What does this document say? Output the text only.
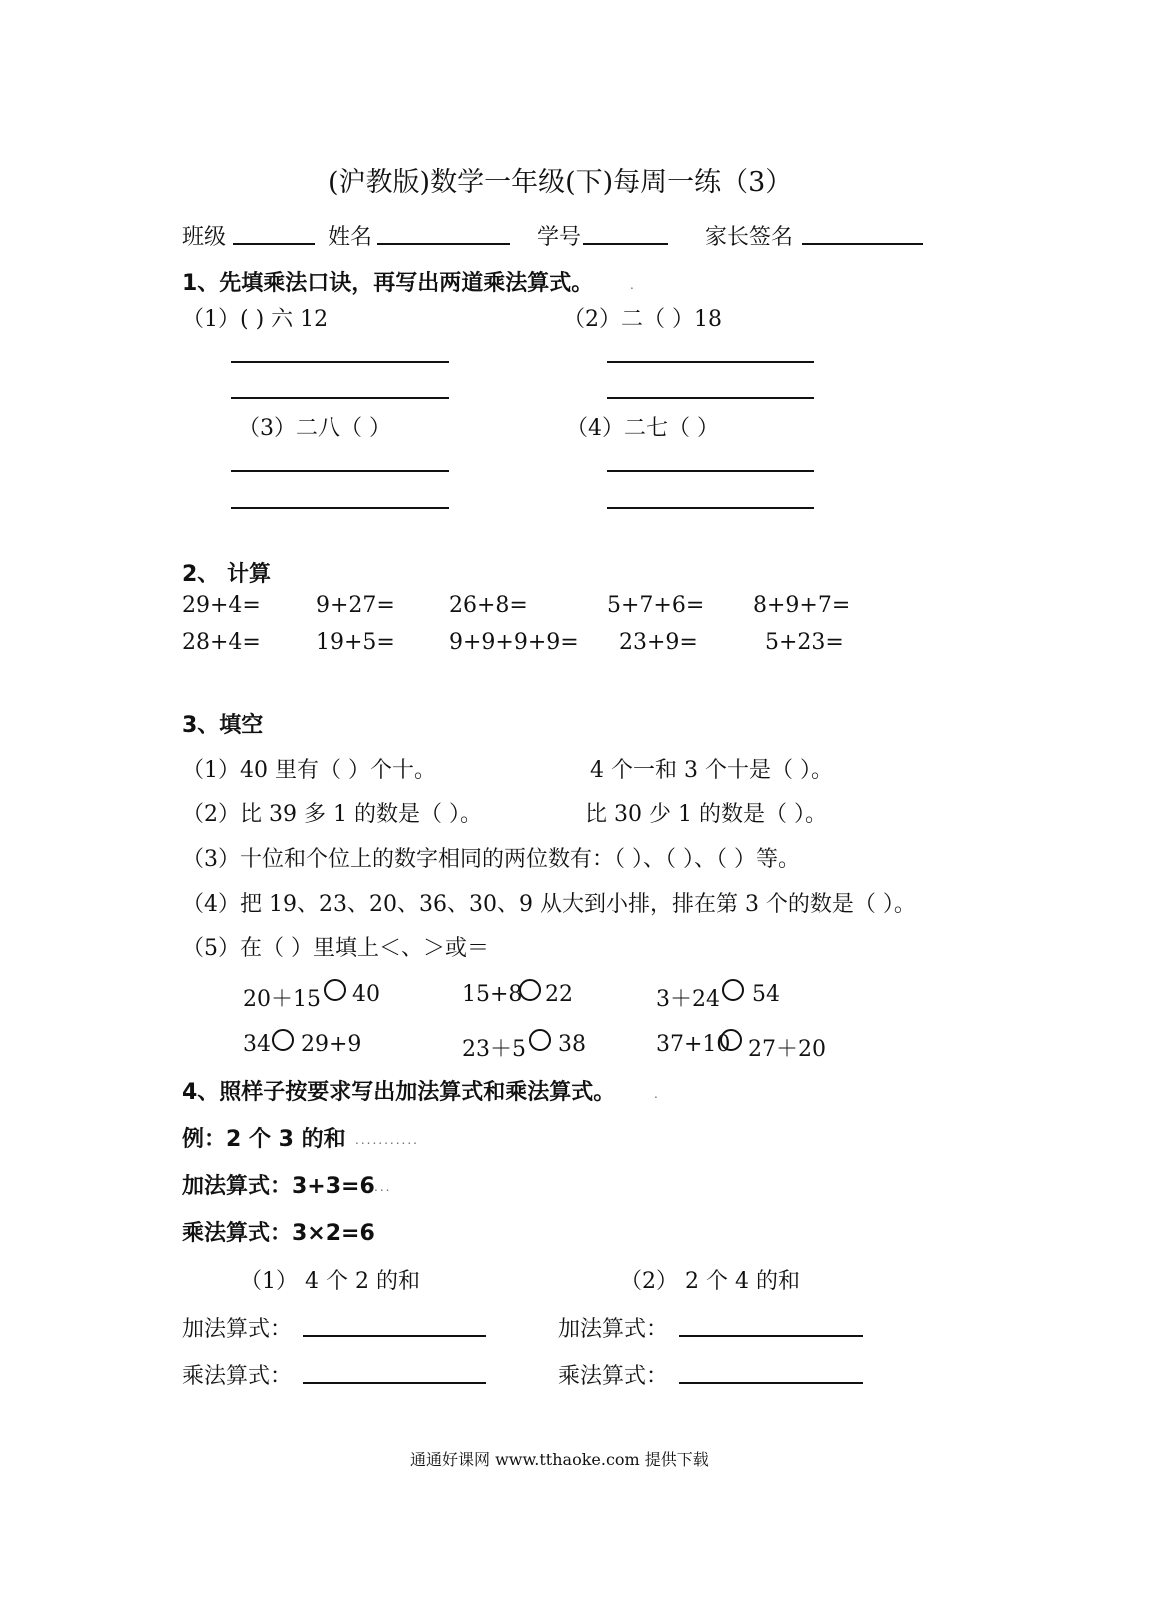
(沪教版)数学一年级(下)每周一练（3）
班级	姓名	学号	家长签名
1、先填乘法口诀，再写出两道乘法算式。	.
（1）( ) 六 12	（2）二（ ）18
（3）二八（ ）	（4）二七（ ）
2、 计算
29+4=	9+27= 26+8=	5+7+6= 8+9+7=
28+4=	19+5= 9+9+9+9= 23+9=	5+23=
3、填空
（1）40 里有（ ）个十。	4 个一和 3 个十是（ ）。
（2）比 39 多 1 的数是（ ）。	比 30 少 1 的数是（ ）。
（3）十位和个位上的数字相同的两位数有：（ ）、（ ）、（ ）等。
（4）把 19、23、20、36、30、9 从大到小排，排在第 3 个的数是（ ）。
（5）在（ ）里填上＜、＞或＝
20＋15 40	15+8 22	3＋24 54
34 29+9	23＋5 38	37+10 27＋20
4、照样子按要求写出加法算式和乘法算式。	.
例：2 个 3 的和 ...........
加法算式：3+3=6 ...
乘法算式：3×2=6
（1） 4 个 2 的和	（2） 2 个 4 的和
加法算式：	加法算式：
乘法算式：	乘法算式：
通通好课网 www.tthaoke.com 提供下载
